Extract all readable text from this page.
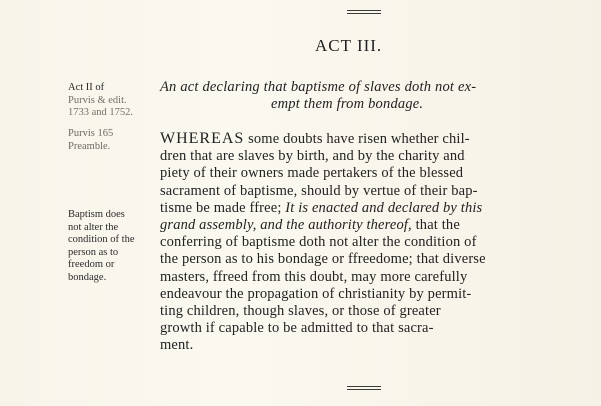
ACT III.
An act declaring that baptisme of slaves doth not ex-
empt them from bondage.
Act II of
Purvis & edit.
1733 and 1752.
Purvis 165
Preamble.
Baptism does
not alter the
condition of the
person as to
freedom or
bondage.
WHEREAS some doubts have risen whether chil-
dren that are slaves by birth, and by the charity and
piety of their owners made pertakers of the blessed
sacrament of baptisme, should by vertue of their bap-
tisme be made ffree; It is enacted and declared by this
grand assembly, and the authority thereof, that the
conferring of baptisme doth not alter the condition of
the person as to his bondage or ffreedome; that diverse
masters, ffreed from this doubt, may more carefully
endeavour the propagation of christianity by permit-
ting children, though slaves, or those of greater
growth if capable to be admitted to that sacra-
ment.
